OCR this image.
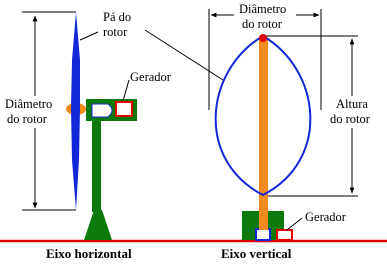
Diâmetro
do rotor
Pá do
rotor
Gerador
Eixo horizontal
Diâmetro
do rotor
Altura
do rotor
Gerador
Eixo vertical
